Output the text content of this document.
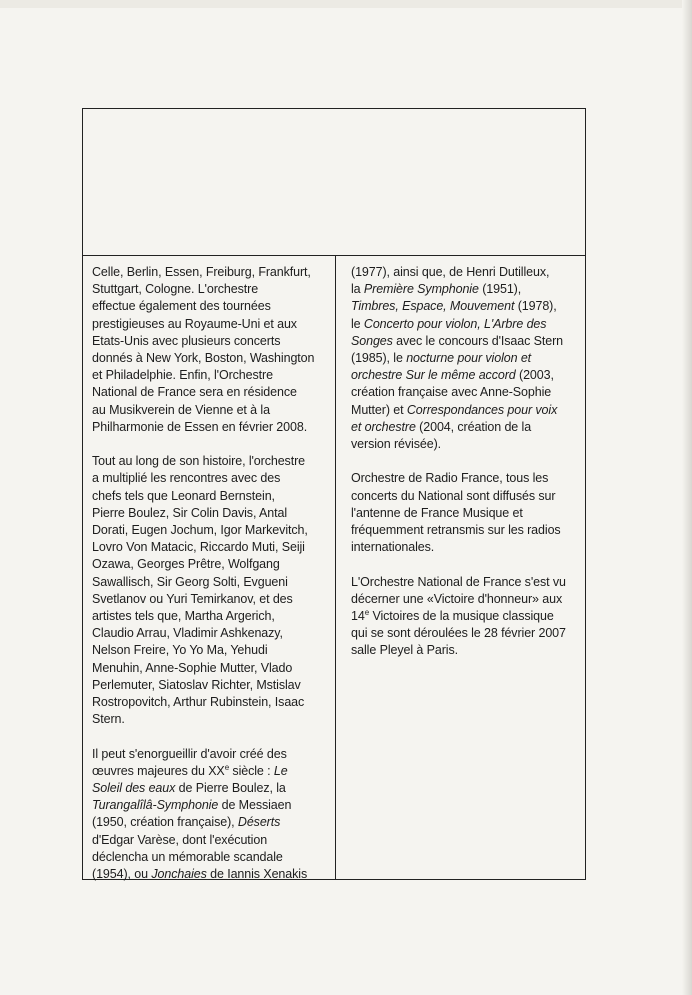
Celle, Berlin, Essen, Freiburg, Frankfurt,
Stuttgart, Cologne. L'orchestre
effectue également des tournées
prestigieuses au Royaume-Uni et aux
Etats-Unis avec plusieurs concerts
donnés à New York, Boston, Washington
et Philadelphie. Enfin, l'Orchestre
National de France sera en résidence
au Musikverein de Vienne et à la
Philharmonie de Essen en février 2008.

Tout au long de son histoire, l'orchestre
a multiplié les rencontres avec des
chefs tels que Leonard Bernstein,
Pierre Boulez, Sir Colin Davis, Antal
Dorati, Eugen Jochum, Igor Markevitch,
Lovro Von Matacic, Riccardo Muti, Seiji
Ozawa, Georges Prêtre, Wolfgang
Sawallisch, Sir Georg Solti, Evgueni
Svetlanov ou Yuri Temirkanov, et des
artistes tels que, Martha Argerich,
Claudio Arrau, Vladimir Ashkenazy,
Nelson Freire, Yo Yo Ma, Yehudi
Menuhin, Anne-Sophie Mutter, Vlado
Perlemuter, Siatoslav Richter, Mstislav
Rostropovitch, Arthur Rubinstein, Isaac
Stern.

Il peut s'enorgueillir d'avoir créé des
œuvres majeures du XXe siècle : Le
Soleil des eaux de Pierre Boulez, la
Turangalîlâ-Symphonie de Messiaen
(1950, création française), Déserts
d'Edgar Varèse, dont l'exécution
déclencha un mémorable scandale
(1954), ou Jonchaies de Iannis Xenakis

(1977), ainsi que, de Henri Dutilleux,
la Première Symphonie (1951),
Timbres, Espace, Mouvement (1978),
le Concerto pour violon, L'Arbre des
Songes avec le concours d'Isaac Stern
(1985), le nocturne pour violon et
orchestre Sur le même accord (2003,
création française avec Anne-Sophie
Mutter) et Correspondances pour voix
et orchestre (2004, création de la
version révisée).

Orchestre de Radio France, tous les
concerts du National sont diffusés sur
l'antenne de France Musique et
fréquemment retransmis sur les radios
internationales.

L'Orchestre National de France s'est vu
décerner une «Victoire d'honneur» aux
14e Victoires de la musique classique
qui se sont déroulées le 28 février 2007
salle Pleyel à Paris.
